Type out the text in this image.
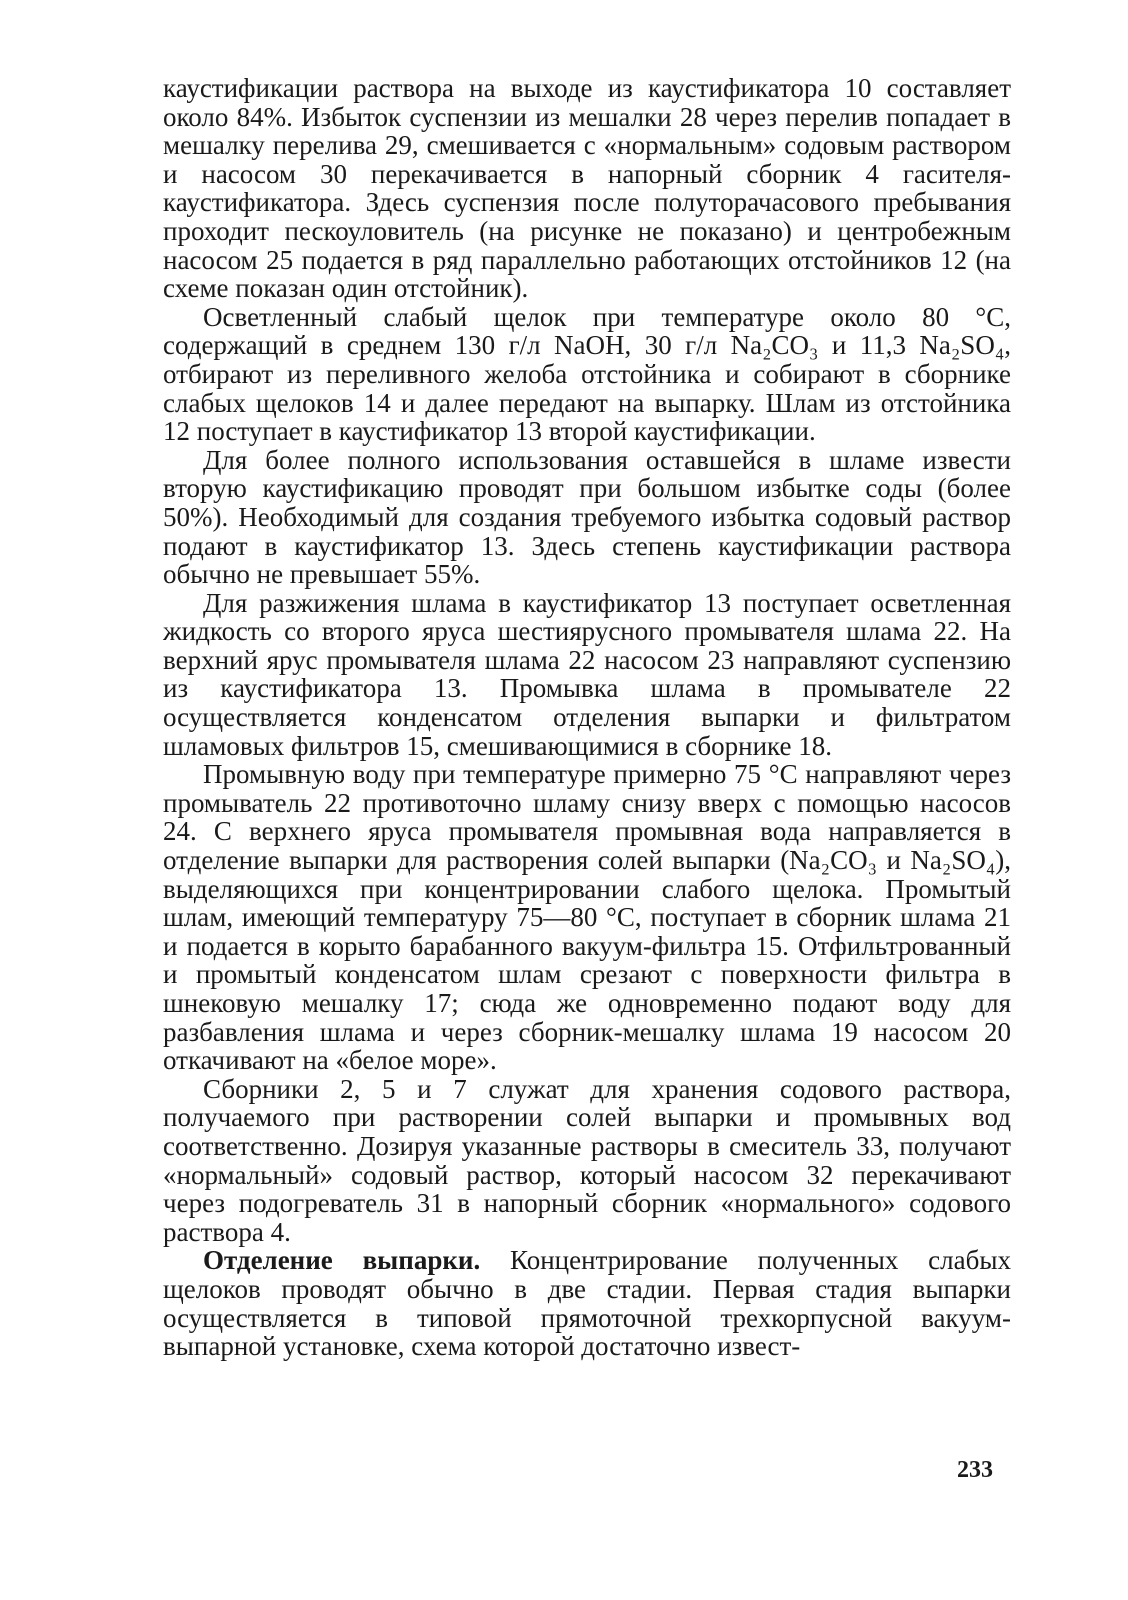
каустификации раствора на выходе из каустификатора 10 составляет около 84%. Избыток суспензии из мешалки 28 через перелив попадает в мешалку перелива 29, смешивается с «нормальным» содовым раствором и насосом 30 перекачивается в напорный сборник 4 гасителя-каустификатора. Здесь суспензия после полуторачасового пребывания проходит пескоуловитель (на рисунке не показано) и центробежным насосом 25 подается в ряд параллельно работающих отстойников 12 (на схеме показан один отстойник).

Осветленный слабый щелок при температуре около 80 °С, содержащий в среднем 130 г/л NaOH, 30 г/л Na₂CO₃ и 11,3 Na₂SO₄, отбирают из переливного желоба отстойника и собирают в сборнике слабых щелоков 14 и далее передают на выпарку. Шлам из отстойника 12 поступает в каустификатор 13 второй каустификации.

Для более полного использования оставшейся в шламе извести вторую каустификацию проводят при большом избытке соды (более 50%). Необходимый для создания требуемого избытка содовый раствор подают в каустификатор 13. Здесь степень каустификации раствора обычно не превышает 55%.

Для разжижения шлама в каустификатор 13 поступает осветленная жидкость со второго яруса шестиярусного промывателя шлама 22. На верхний ярус промывателя шлама 22 насосом 23 направляют суспензию из каустификатора 13. Промывка шлама в промывателе 22 осуществляется конденсатом отделения выпарки и фильтратом шламовых фильтров 15, смешивающимися в сборнике 18.

Промывную воду при температуре примерно 75 °С направляют через промыватель 22 противоточно шламу снизу вверх с помощью насосов 24. С верхнего яруса промывателя промывная вода направляется в отделение выпарки для растворения солей выпарки (Na₂CO₃ и Na₂SO₄), выделяющихся при концентрировании слабого щелока. Промытый шлам, имеющий температуру 75—80 °С, поступает в сборник шлама 21 и подается в корыто барабанного вакуум-фильтра 15. Отфильтрованный и промытый конденсатом шлам срезают с поверхности фильтра в шнековую мешалку 17; сюда же одновременно подают воду для разбавления шлама и через сборник-мешалку шлама 19 насосом 20 откачивают на «белое море».

Сборники 2, 5 и 7 служат для хранения содового раствора, получаемого при растворении солей выпарки и промывных вод соответственно. Дозируя указанные растворы в смеситель 33, получают «нормальный» содовый раствор, который насосом 32 перекачивают через подогреватель 31 в напорный сборник «нормального» содового раствора 4.

Отделение выпарки. Концентрирование полученных слабых щелоков проводят обычно в две стадии. Первая стадия выпарки осуществляется в типовой прямоточной трехкорпусной вакуум-выпарной установке, схема которой достаточно извест-

233
